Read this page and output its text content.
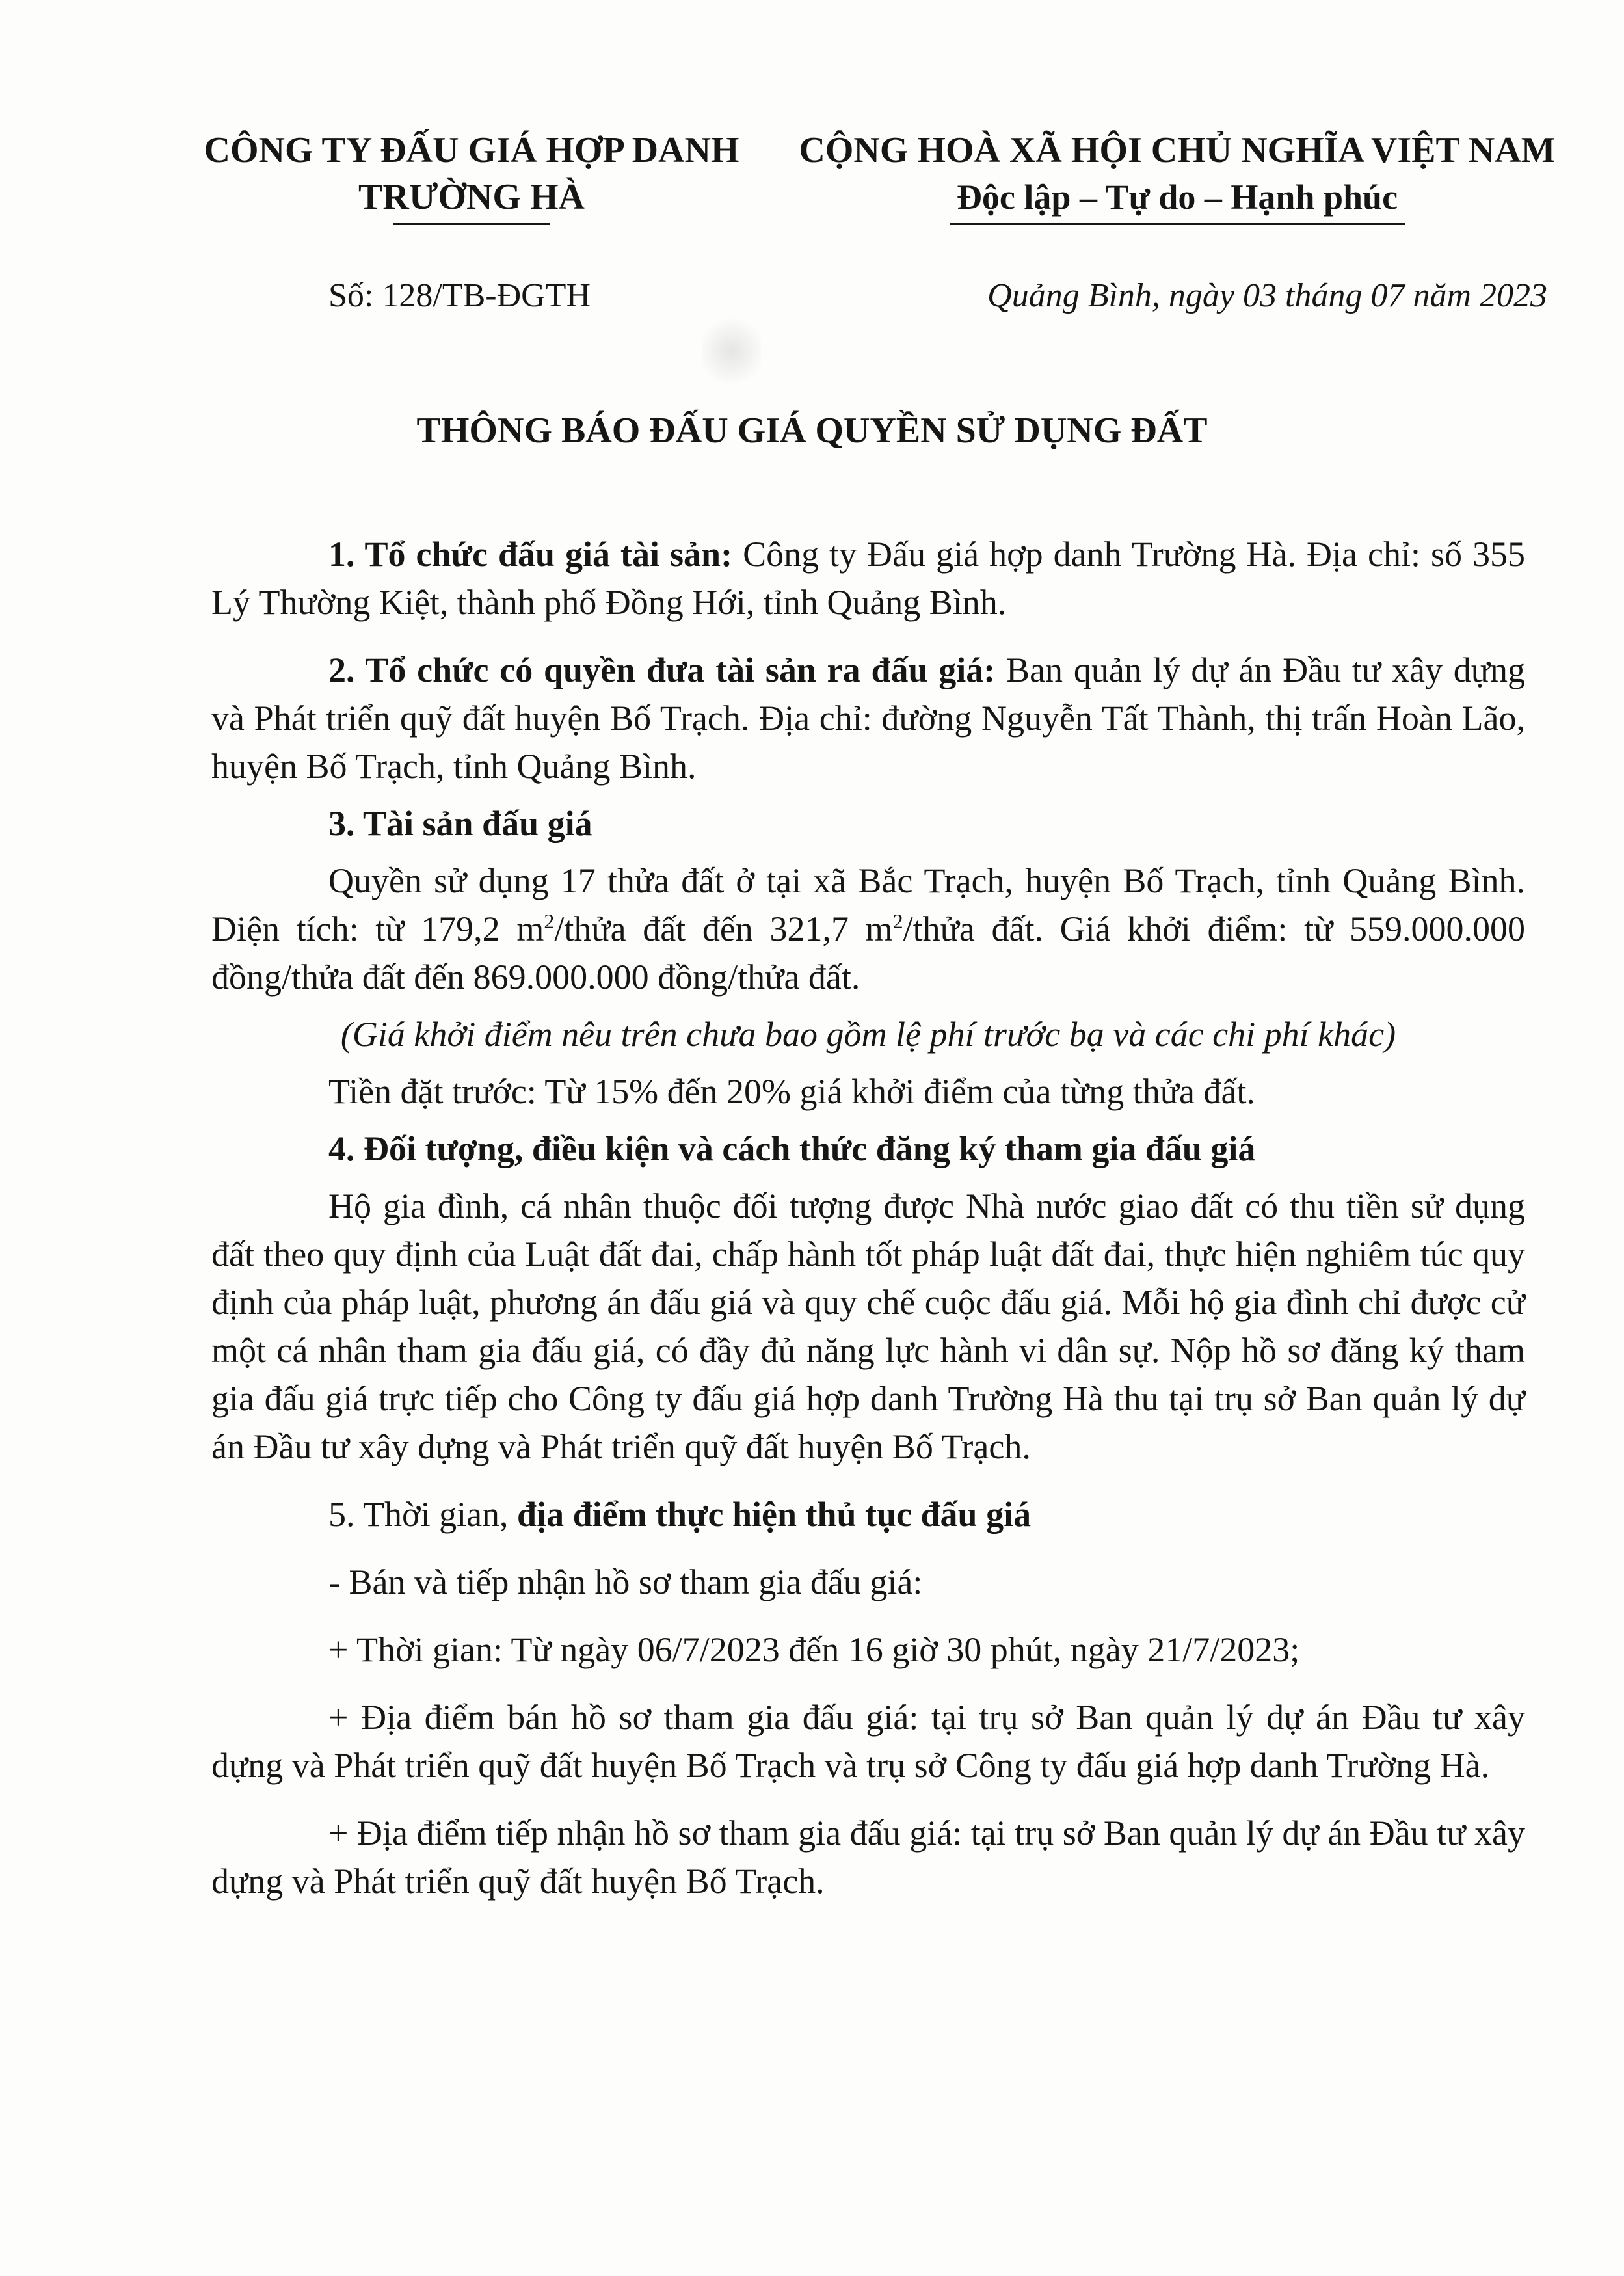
CÔNG TY ĐẤU GIÁ HỢP DANH
TRƯỜNG HÀ
CỘNG HOÀ XÃ HỘI CHỦ NGHĨA VIỆT NAM
Độc lập – Tự do – Hạnh phúc
Số: 128/TB-ĐGTH	Quảng Bình, ngày 03 tháng 07 năm 2023
THÔNG BÁO ĐẤU GIÁ QUYỀN SỬ DỤNG ĐẤT

1. Tổ chức đấu giá tài sản: Công ty Đấu giá hợp danh Trường Hà. Địa chỉ: số 355 Lý Thường Kiệt, thành phố Đồng Hới, tỉnh Quảng Bình.

2. Tổ chức có quyền đưa tài sản ra đấu giá: Ban quản lý dự án Đầu tư xây dựng và Phát triển quỹ đất huyện Bố Trạch. Địa chỉ: đường Nguyễn Tất Thành, thị trấn Hoàn Lão, huyện Bố Trạch, tỉnh Quảng Bình.

3. Tài sản đấu giá

Quyền sử dụng 17 thửa đất ở tại xã Bắc Trạch, huyện Bố Trạch, tỉnh Quảng Bình. Diện tích: từ 179,2 $m^2$/thửa đất đến 321,7 $m^2$/thửa đất. Giá khởi điểm: từ 559.000.000 đồng/thửa đất đến 869.000.000 đồng/thửa đất.

(Giá khởi điểm nêu trên chưa bao gồm lệ phí trước bạ và các chi phí khác)

Tiền đặt trước: Từ 15% đến 20% giá khởi điểm của từng thửa đất.

4. Đối tượng, điều kiện và cách thức đăng ký tham gia đấu giá

Hộ gia đình, cá nhân thuộc đối tượng được Nhà nước giao đất có thu tiền sử dụng đất theo quy định của Luật đất đai, chấp hành tốt pháp luật đất đai, thực hiện nghiêm túc quy định của pháp luật, phương án đấu giá và quy chế cuộc đấu giá. Mỗi hộ gia đình chỉ được cử một cá nhân tham gia đấu giá, có đầy đủ năng lực hành vi dân sự. Nộp hồ sơ đăng ký tham gia đấu giá trực tiếp cho Công ty đấu giá hợp danh Trường Hà thu tại trụ sở Ban quản lý dự án Đầu tư xây dựng và Phát triển quỹ đất huyện Bố Trạch.

5. Thời gian, địa điểm thực hiện thủ tục đấu giá

- Bán và tiếp nhận hồ sơ tham gia đấu giá:

+ Thời gian: Từ ngày 06/7/2023 đến 16 giờ 30 phút, ngày 21/7/2023;

+ Địa điểm bán hồ sơ tham gia đấu giá: tại trụ sở Ban quản lý dự án Đầu tư xây dựng và Phát triển quỹ đất huyện Bố Trạch và trụ sở Công ty đấu giá hợp danh Trường Hà.

+ Địa điểm tiếp nhận hồ sơ tham gia đấu giá: tại trụ sở Ban quản lý dự án Đầu tư xây dựng và Phát triển quỹ đất huyện Bố Trạch.
